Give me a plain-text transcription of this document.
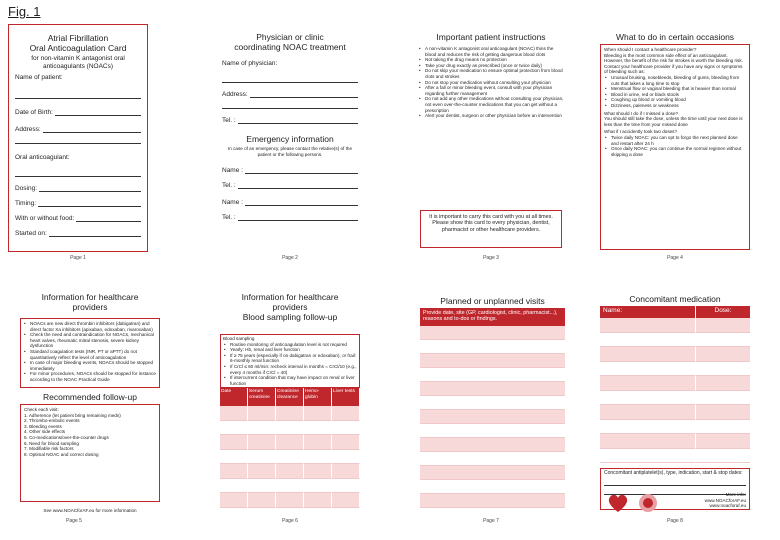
Fig. 1
Atrial Fibrillation
Oral Anticoagulation Card
for non-vitamin K antagonist oral anticoagulants (NOACs)
Name of patient:
Date of Birth:
Address:
Oral anticoagulant:
Dosing:
Timing:
With or without food:
Started on:
Page 1
Physician or clinic
coordinating NOAC treatment
Name of physician:
Address:
Tel. :
Emergency information
In case of an emergency, please contact the relative(s) of the patient or the following persons.
Name :
Tel. :
Name :
Tel. :
Page 2
Important patient instructions
• A non-vitamin K antagonist oral anticoagulant (NOAC) thins the blood and reduces the risk of getting dangerous blood clots
• Not taking the drug means no protection
• Take your drug exactly as prescribed (once or twice daily)
• Do not skip your medication to ensure optimal protection from blood clots and strokes
• Do not stop your medication without consulting your physician
• After a fall or minor bleeding event, consult with your physician regarding further management
• Do not add any other medications without consulting your physician, not even over-the-counter medications that you can get without a prescription
• Alert your dentist, surgeon or other physician before an intervention
It is important to carry this card with you at all times. Please show this card to every physician, dentist, pharmacist or other healthcare providers.
Page 3
What to do in certain occasions
When should I contact a healthcare provider?
Bleeding is the most common side effect of an anticoagulant. However, the benefit of the risk for strokes is worth the bleeding risk. Contact your healthcare provider if you have any signs or symptoms of bleeding such as:
• Unusual bruising, nosebleeds, bleeding of gums, bleeding from cuts that takes a long time to stop
• Menstrual flow or vaginal bleeding that is heavier than normal
• Blood in urine, red or black stools
• Coughing up blood or vomiting blood
• Dizziness, paleness or weakness
What should I do if I missed a dose?
You should still take the dose, unless the time until your next dose is less than the time from your missed dose
What if I accidently took two doses?
• Twice daily NOAC: you can opt to forgo the next planned dose and restart after 24 h
• Once daily NOAC: you can continue the normal regimen without skipping a dose
Page 4
Information for healthcare
providers
• NOACs are new direct thrombin inhibitors (dabigatran) and direct factor Xa inhibitors (apixaban, edoxaban, rivaroxaban)
• Check the need and contraindication for NOACs, mechanical heart valves, rheumatic mitral stenosis, severe kidney dysfunction
• Standard coagulation tests (INR, PT or aPTT) do not quantitatively reflect the level of anticoagulation
• In case of major bleeding events, NOACs should be stopped immediately
• For minor procedures, NOACs should be stopped for instance according to the NOAC Practical Guide
Recommended follow-up
Check each visit:
1. Adherence (let patient bring remaining meds)
2. Thrombo-embolic events
3. Bleeding events
4. Other side effects
5. Co-medications/over-the-counter drugs
6. Need for blood sampling
7. Modifiable risk factors
8. Optimal NOAC and correct dosing
See www.NOACforAF.eu for more information
Page 5
Information for healthcare
providers
Blood sampling follow-up
Blood sampling
• Routine monitoring of anticoagulation level is not required
• Yearly: Hb, renal and liver function
• If ≥ 75 years (especially if on dabigatran or edoxaban), or frail: 6-monthly renal function
• If CrCl ≤ 60 ml/min: recheck interval in months = CrCl/10 (e.g., every 4 months if CrCl = 40)
• If intercurrent condition that may have impact on renal or liver function
Date	Serum creatinine
Creatinine clearance
Hemo-globin
Liver tests
Page 6
Planned or unplanned visits
Provide date, site (GP, cardiologist, clinic, pharmacist...), reasons and to-dos or findings.
Page 7
Concomitant medication
Name:	Dose:
Concomitant antiplatelet(s), type, indication, start & stop dates:
More info:
www.NOACforAF.eu
www.noacforaf.eu
Page 8
